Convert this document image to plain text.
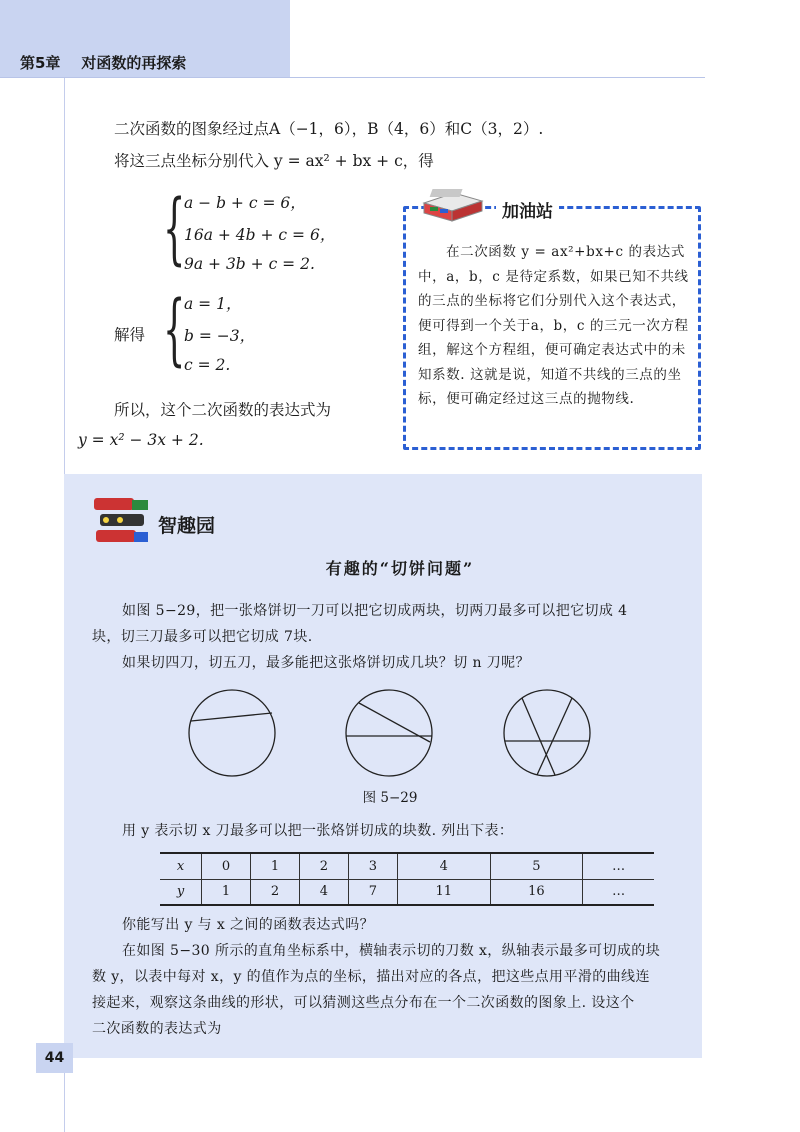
第5章    对函数的再探索
二次函数的图象经过点A（−1，6），B（4，6）和C（3，2）.
将这三点坐标分别代入 y = ax² + bx + c，得
{
a − b + c = 6，
16a + 4b + c = 6，
9a + 3b + c = 2.
解得 {
a = 1，
b = −3，
c = 2.
所以，这个二次函数的表达式为
y = x² − 3x + 2.
加油站
在二次函数 y = ax²+bx+c 的表达式中，a，b，c 是待定系数，如果已知不共线的三点的坐标将它们分别代入这个表达式，便可得到一个关于a，b，c 的三元一次方程组，解这个方程组，便可确定表达式中的未知系数. 这就是说，知道不共线的三点的坐标，便可确定经过这三点的抛物线.
智趣园
有趣的“切饼问题”
如图 5−29，把一张烙饼切一刀可以把它切成两块，切两刀最多可以把它切成 4
块，切三刀最多可以把它切成 7块.
如果切四刀，切五刀，最多能把这张烙饼切成几块？切 n 刀呢？
图 5−29
用 y 表示切 x 刀最多可以把一张烙饼切成的块数. 列出下表：
x	0	1	2	3	4	5	…
y	1	2	4	7	11	16	…
你能写出 y 与 x 之间的函数表达式吗？
在如图 5−30 所示的直角坐标系中，横轴表示切的刀数 x，纵轴表示最多可切成的块
数 y，以表中每对 x，y 的值作为点的坐标，描出对应的各点，把这些点用平滑的曲线连
接起来，观察这条曲线的形状，可以猜测这些点分布在一个二次函数的图象上. 设这个
二次函数的表达式为
44
